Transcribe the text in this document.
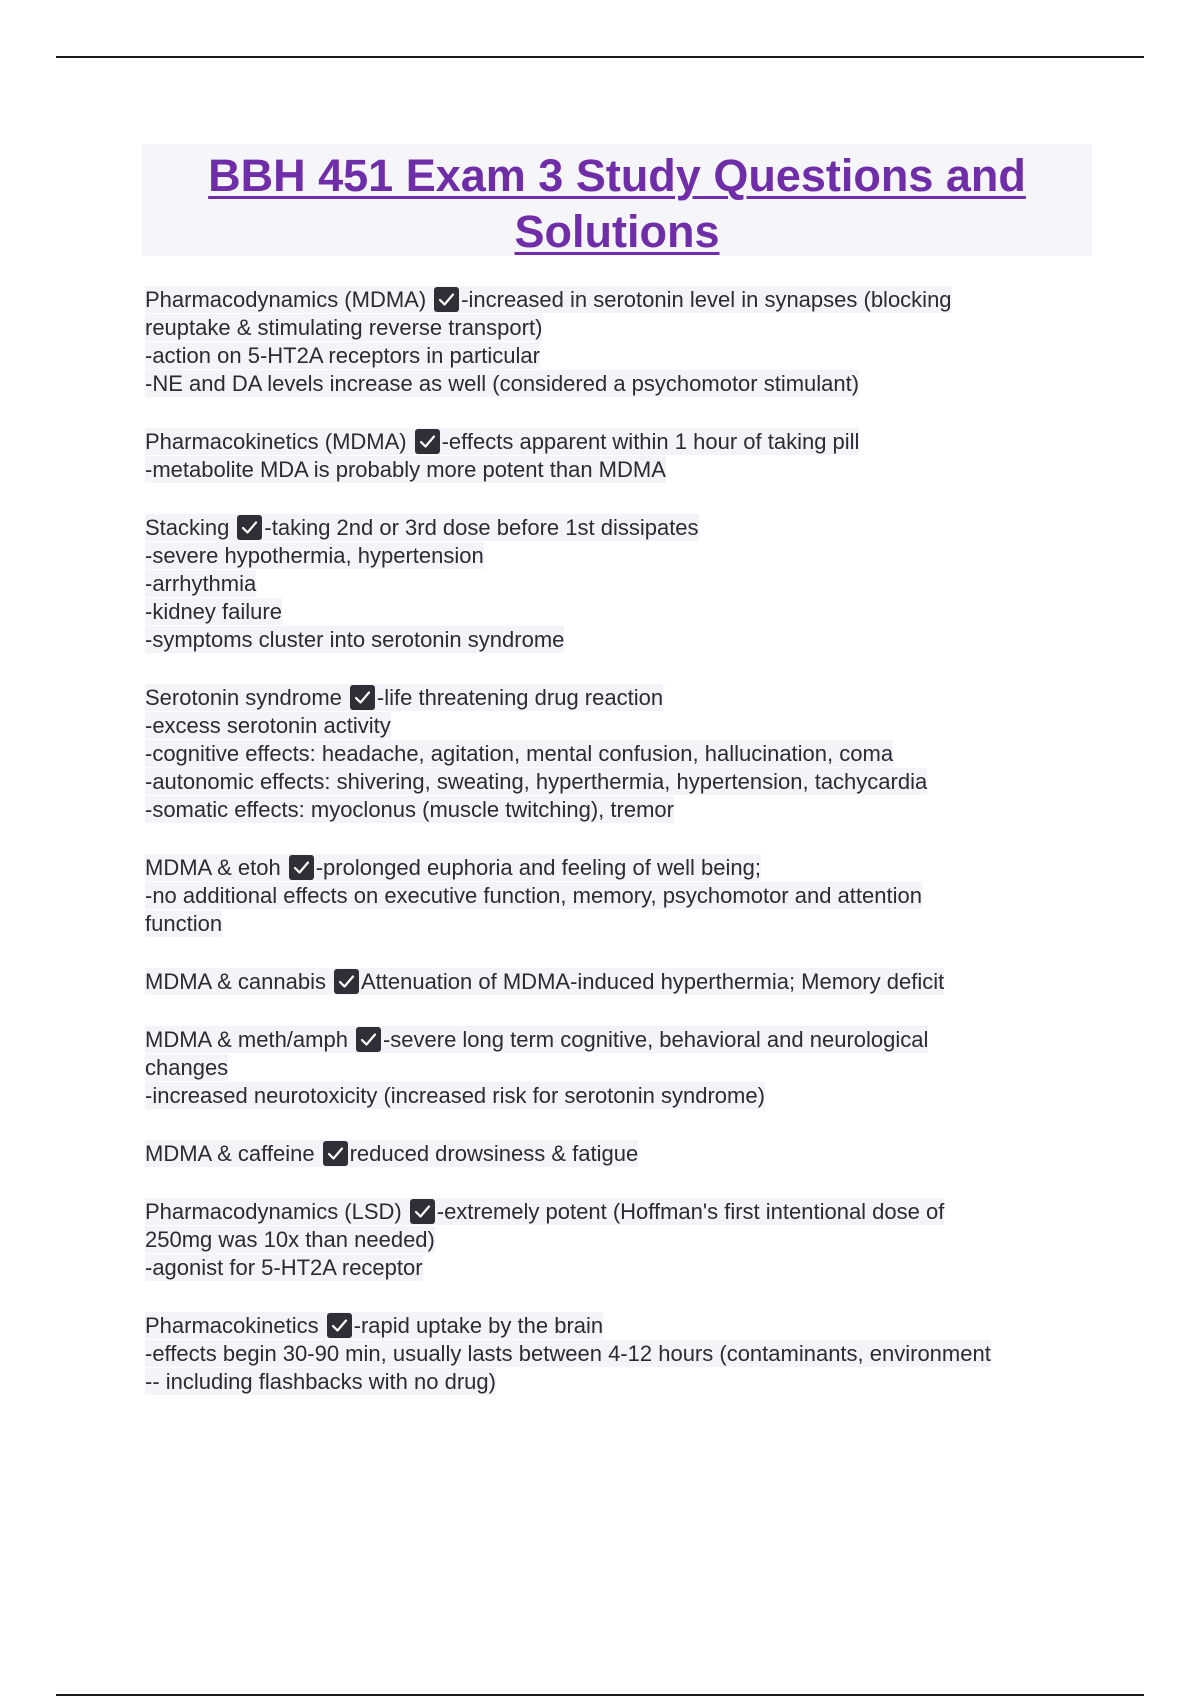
BBH 451 Exam 3 Study Questions and
Solutions
Pharmacodynamics (MDMA) -increased in serotonin level in synapses (blocking
reuptake & stimulating reverse transport)
-action on 5-HT2A receptors in particular
-NE and DA levels increase as well (considered a psychomotor stimulant)
Pharmacokinetics (MDMA) -effects apparent within 1 hour of taking pill
-metabolite MDA is probably more potent than MDMA
Stacking -taking 2nd or 3rd dose before 1st dissipates
-severe hypothermia, hypertension
-arrhythmia
-kidney failure
-symptoms cluster into serotonin syndrome
Serotonin syndrome -life threatening drug reaction
-excess serotonin activity
-cognitive effects: headache, agitation, mental confusion, hallucination, coma
-autonomic effects: shivering, sweating, hyperthermia, hypertension, tachycardia
-somatic effects: myoclonus (muscle twitching), tremor
MDMA & etoh -prolonged euphoria and feeling of well being;
-no additional effects on executive function, memory, psychomotor and attention
function
MDMA & cannabis Attenuation of MDMA-induced hyperthermia; Memory deficit
MDMA & meth/amph -severe long term cognitive, behavioral and neurological
changes
-increased neurotoxicity (increased risk for serotonin syndrome)
MDMA & caffeine reduced drowsiness & fatigue
Pharmacodynamics (LSD) -extremely potent (Hoffman's first intentional dose of
250mg was 10x than needed)
-agonist for 5-HT2A receptor
Pharmacokinetics -rapid uptake by the brain
-effects begin 30-90 min, usually lasts between 4-12 hours (contaminants, environment
-- including flashbacks with no drug)
